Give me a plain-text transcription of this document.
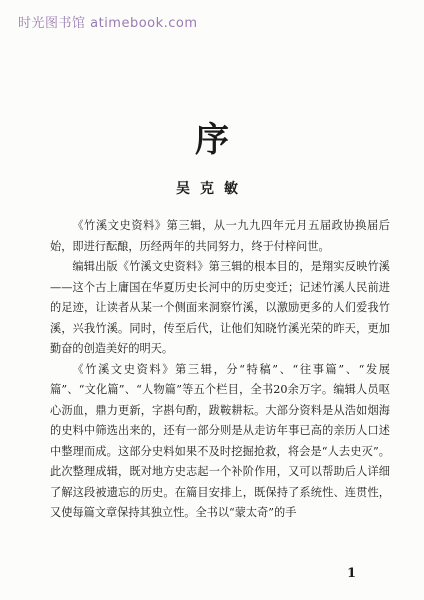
时光图书馆 atimebook.com
序
吴克敏

《竹溪文史资料》第三辑，从一九九四年元月五届政协换届后始，即进行酝酿，历经两年的共同努力，终于付梓问世。

编辑出版《竹溪文史资料》第三辑的根本目的，是翔实反映竹溪——这个古上庸国在华夏历史长河中的历史变迁；记述竹溪人民前进的足迹，让读者从某一个侧面来洞察竹溪，以激励更多的人们爱我竹溪，兴我竹溪。同时，传至后代，让他们知晓竹溪光荣的昨天，更加勤奋的创造美好的明天。

《竹溪文史资料》第三辑，分“特稿”、“往事篇”、“发展篇”、“文化篇”、“人物篇”等五个栏目，全书20余万字。编辑人员呕心沥血，鼎力更新，字斟句酌，跋鞍耕耘。大部分资料是从浩如烟海的史料中筛选出来的，还有一部分则是从走访年事已高的亲历人口述中整理而成。这部分史料如果不及时挖掘抢救，将会是“人去史灭”。此次整理成辑，既对地方史志起一个补阶作用，又可以帮助后人详细了解这段被遗忘的历史。在篇目安排上，既保持了系统性、连贯性，又使每篇文章保持其独立性。全书以“蒙太奇”的手

1
